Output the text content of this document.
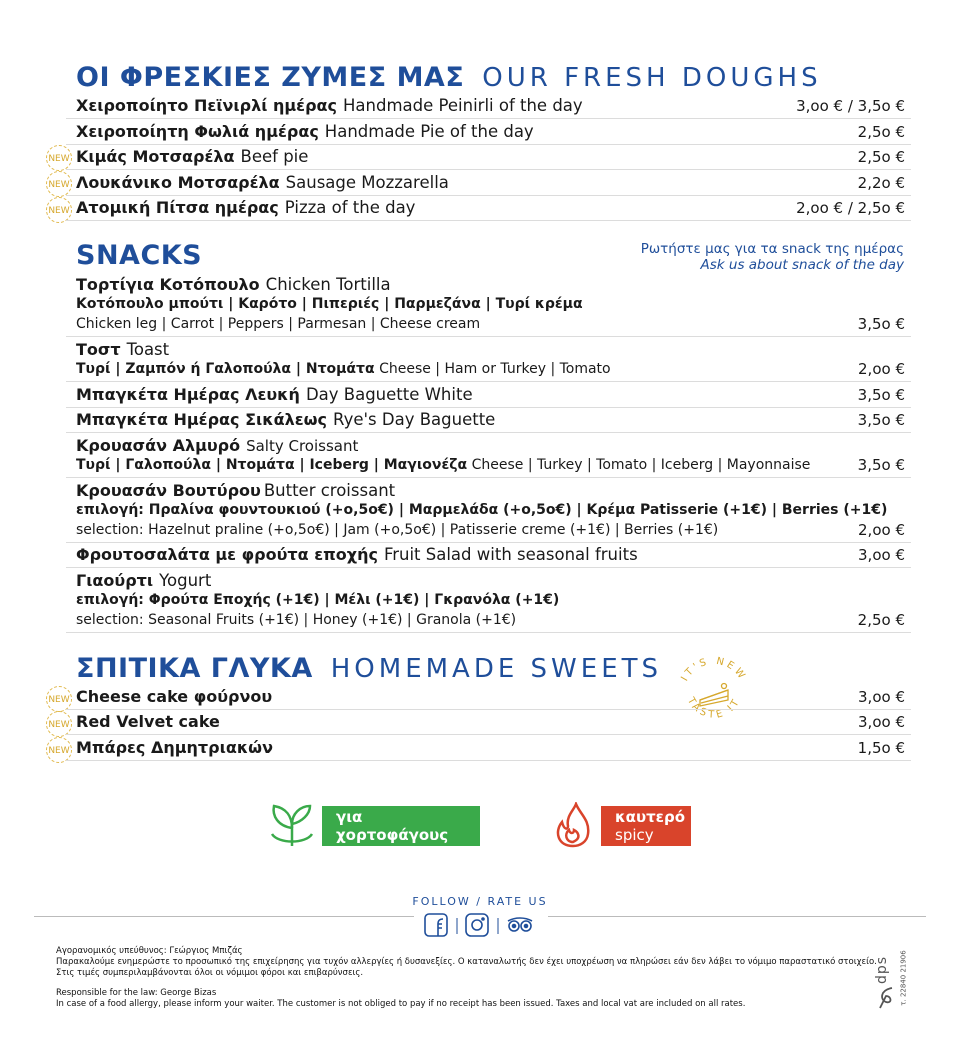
ΟΙ ΦΡΕΣΚΙΕΣ ΖΥΜΕΣ ΜΑΣ OUR FRESH DOUGHS
Χειροποίητο Πεϊνιρλί ημέρας Handmade Peinirli of the day	3,oo € / 3,5o €
Χειροποίητη Φωλιά ημέρας Handmade Pie of the day	2,5o €
NEW Κιμάς Μοτσαρέλα Beef pie	2,5o €
NEW Λουκάνικο Μοτσαρέλα Sausage Mozzarella	2,2o €
NEW Ατομική Πίτσα ημέρας Pizza of the day	2,oo € / 2,5o €
SNACKS	Ρωτήστε μας για τα snack της ημέρας
Ask us about snack of the day
Τορτίγια Κοτόπουλο Chicken Tortilla
Κοτόπουλο μπούτι | Καρότο | Πιπεριές | Παρμεζάνα | Τυρί κρέμα
Chicken leg | Carrot | Peppers | Parmesan | Cheese cream	3,5o €
Τοστ Toast
Τυρί | Ζαμπόν ή Γαλοπούλα | Ντομάτα Cheese | Ham or Turkey | Tomato	2,oo €
Μπαγκέτα Ημέρας Λευκή Day Baguette White	3,5o €
Μπαγκέτα Ημέρας Σικάλεως Rye's Day Baguette	3,5o €
Κρουασάν Αλμυρό Salty Croissant
Τυρί | Γαλοπούλα | Ντομάτα | Iceberg | Μαγιονέζα Cheese | Turkey | Tomato | Iceberg | Mayonnaise	3,5o €
Κρουασάν Βουτύρου Butter croissant
επιλογή: Πραλίνα φουντουκιού (+o,5o€) | Μαρμελάδα (+o,5o€) | Κρέμα Patisserie (+1€) | Berries (+1€)
selection: Hazelnut praline (+o,5o€) | Jam (+o,5o€) | Patisserie creme (+1€) | Berries (+1€)	2,oo €
Φρουτοσαλάτα με φρούτα εποχής Fruit Salad with seasonal fruits	3,oo €
Γιαούρτι Yogurt
επιλογή: Φρούτα Εποχής (+1€) | Μέλι (+1€) | Γκρανόλα (+1€)
selection: Seasonal Fruits (+1€) | Honey (+1€) | Granola (+1€)	2,5o €
ΣΠΙΤΙΚΑ ΓΛΥΚΑ HOMEMADE SWEETS IT'S NEW
TASTE IT
NEW Cheese cake φούρνου	3,oo €
NEW Red Velvet cake	3,oo €
NEW Μπάρες Δημητριακών	1,5o €
για χορτοφάγους
vegetarian
καυτερό
spicy
FOLLOW / RATE US
Αγορανομικός υπεύθυνος: Γεώργιος Μπιζάς
Παρακαλούμε ενημερώστε το προσωπικό της επιχείρησης για τυχόν αλλεργίες ή δυσανεξίες. Ο καταναλωτής δεν έχει υποχρέωση να πληρώσει εάν δεν λάβει το νόμιμο παραστατικό στοιχείο.
Στις τιμές συμπεριλαμβάνονται όλοι οι νόμιμοι φόροι και επιβαρύνσεις.
Responsible for the law: George Bizas
In case of a food allergy, please inform your waiter. The customer is not obliged to pay if no receipt has been issued. Taxes and local vat are included on all rates.
dps τ. 22840 21906
